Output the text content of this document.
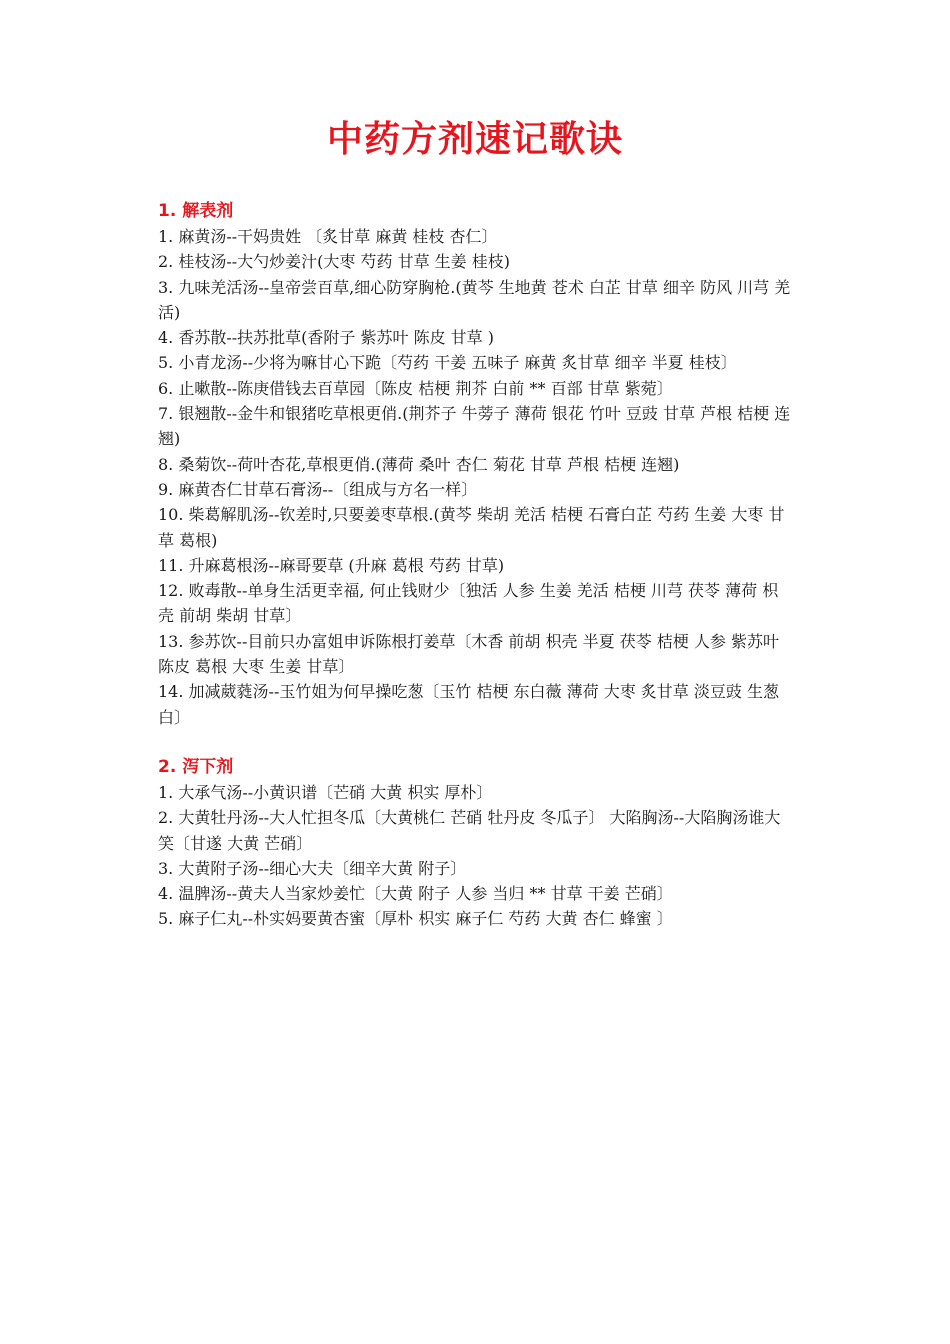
中药方剂速记歌诀

1. 解表剂

1. 麻黄汤--干妈贵姓 〔炙甘草 麻黄 桂枝 杏仁〕

2. 桂枝汤--大勺炒姜汁(大枣 芍药 甘草 生姜 桂枝)

3. 九味羌活汤--皇帝尝百草,细心防穿胸枪.(黄芩 生地黄 苍术 白芷 甘草 细辛 防风 川芎 羌活)

4. 香苏散--扶苏批草(香附子 紫苏叶 陈皮 甘草 )

5. 小青龙汤--少将为嘛甘心下跪〔芍药 干姜 五味子 麻黄 炙甘草 细辛 半夏 桂枝〕

6. 止嗽散--陈庚借钱去百草园〔陈皮 桔梗 荆芥 白前 ** 百部 甘草 紫菀〕

7. 银翘散--金牛和银猪吃草根更俏.(荆芥子 牛蒡子 薄荷 银花 竹叶 豆豉 甘草 芦根 桔梗 连翘)

8. 桑菊饮--荷叶杏花,草根更俏.(薄荷 桑叶 杏仁 菊花 甘草 芦根 桔梗 连翘)

9. 麻黄杏仁甘草石膏汤--〔组成与方名一样〕

10. 柴葛解肌汤--钦差时,只要姜枣草根.(黄芩 柴胡 羌活 桔梗 石膏白芷 芍药 生姜 大枣 甘草 葛根)

11. 升麻葛根汤--麻哥要草 (升麻 葛根 芍药 甘草)

12. 败毒散--单身生活更幸福, 何止钱财少〔独活 人参 生姜 羌活 桔梗 川芎 茯苓 薄荷 枳壳 前胡 柴胡 甘草〕

13. 参苏饮--目前只办富姐申诉陈根打姜草〔木香 前胡 枳壳 半夏 茯苓 桔梗 人参 紫苏叶 陈皮 葛根 大枣 生姜 甘草〕

14. 加减葳蕤汤--玉竹姐为何早操吃葱〔玉竹 桔梗 东白薇 薄荷 大枣 炙甘草 淡豆豉 生葱白〕

2. 泻下剂

1. 大承气汤--小黄识谱〔芒硝 大黄 枳实 厚朴〕

2. 大黄牡丹汤--大人忙担冬瓜〔大黄桃仁 芒硝 牡丹皮 冬瓜子〕 大陷胸汤--大陷胸汤谁大笑〔甘遂 大黄 芒硝〕

3. 大黄附子汤--细心大夫〔细辛大黄 附子〕

4. 温脾汤--黄夫人当家炒姜忙〔大黄 附子 人参 当归 ** 甘草 干姜 芒硝〕

5. 麻子仁丸--朴实妈要黄杏蜜〔厚朴 枳实 麻子仁 芍药 大黄 杏仁 蜂蜜 〕
